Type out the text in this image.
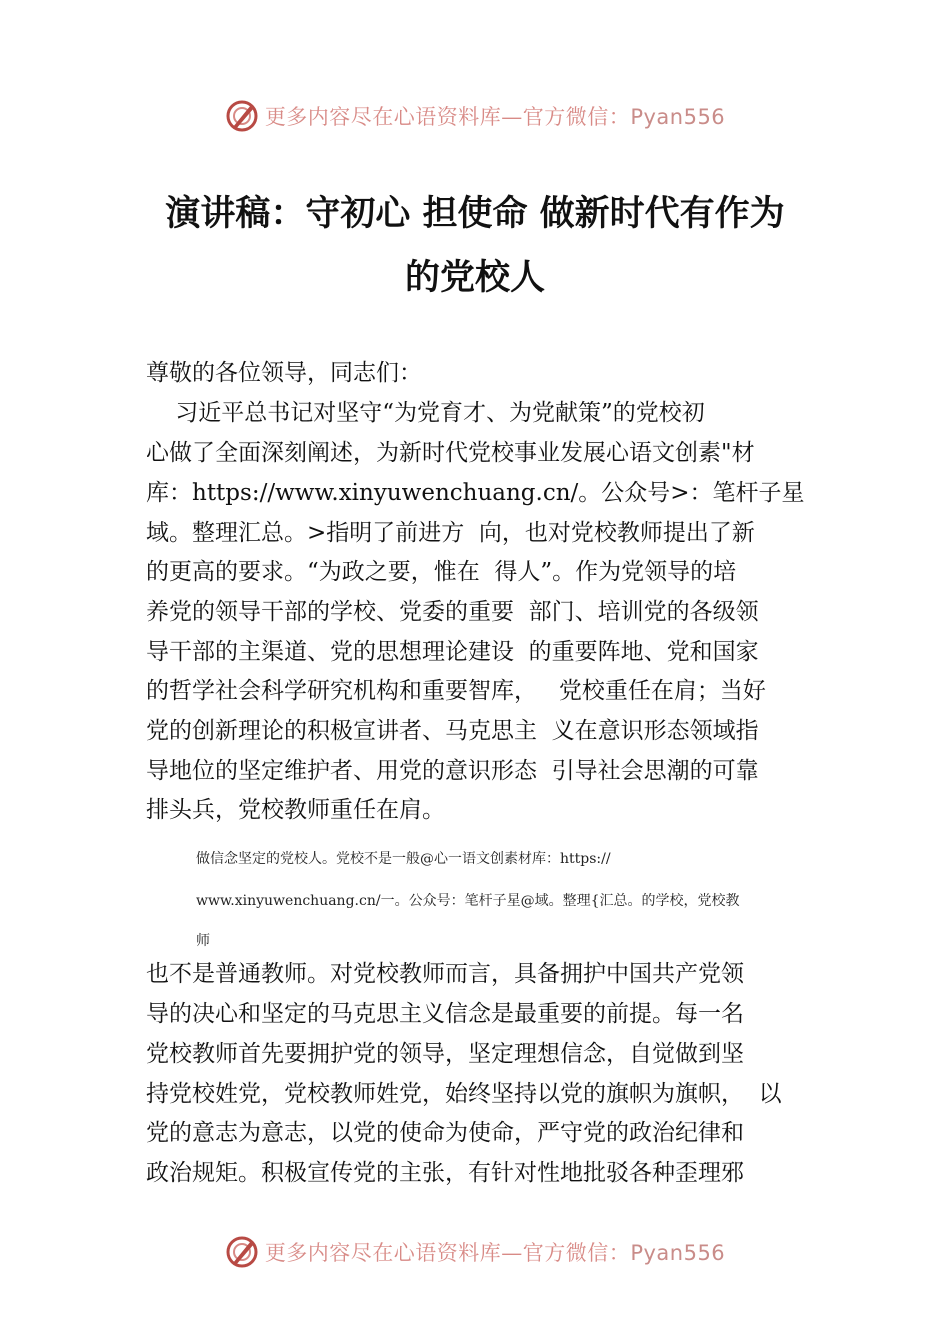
更多内容尽在心语资料库—官方微信：Pyan556
演讲稿：守初心 担使命 做新时代有作为
的党校人
尊敬的各位领导，同志们：
习近平总书记对坚守“为党育才、为党献策”的党校初
心做了全面深刻阐述，为新时代党校事业发展心语文创素"材
库：https://www.xinyuwenchuang.cn/。公众号>：笔杆子星
域。整理汇总。>指明了前进方  向，也对党校教师提出了新
的更高的要求。“为政之要，惟在  得人”。作为党领导的培
养党的领导干部的学校、党委的重要  部门、培训党的各级领
导干部的主渠道、党的思想理论建设  的重要阵地、党和国家
的哲学社会科学研究机构和重要智库，   党校重任在肩；当好
党的创新理论的积极宣讲者、马克思主  义在意识形态领域指
导地位的坚定维护者、用党的意识形态  引导社会思潮的可靠
排头兵，党校教师重任在肩。
做信念坚定的党校人。党校不是一般@心一语文创素材库：https://
www.xinyuwenchuang.cn/一。公众号：笔杆子星@域。整理{汇总。的学校，党校教
师
也不是普通教师。对党校教师而言，具备拥护中国共产党领
导的决心和坚定的马克思主义信念是最重要的前提。每一名
党校教师首先要拥护党的领导，坚定理想信念，自觉做到坚
持党校姓党，党校教师姓党，始终坚持以党的旗帜为旗帜，  以
党的意志为意志，以党的使命为使命，严守党的政治纪律和
政治规矩。积极宣传党的主张，有针对性地批驳各种歪理邪
更多内容尽在心语资料库—官方微信：Pyan556
